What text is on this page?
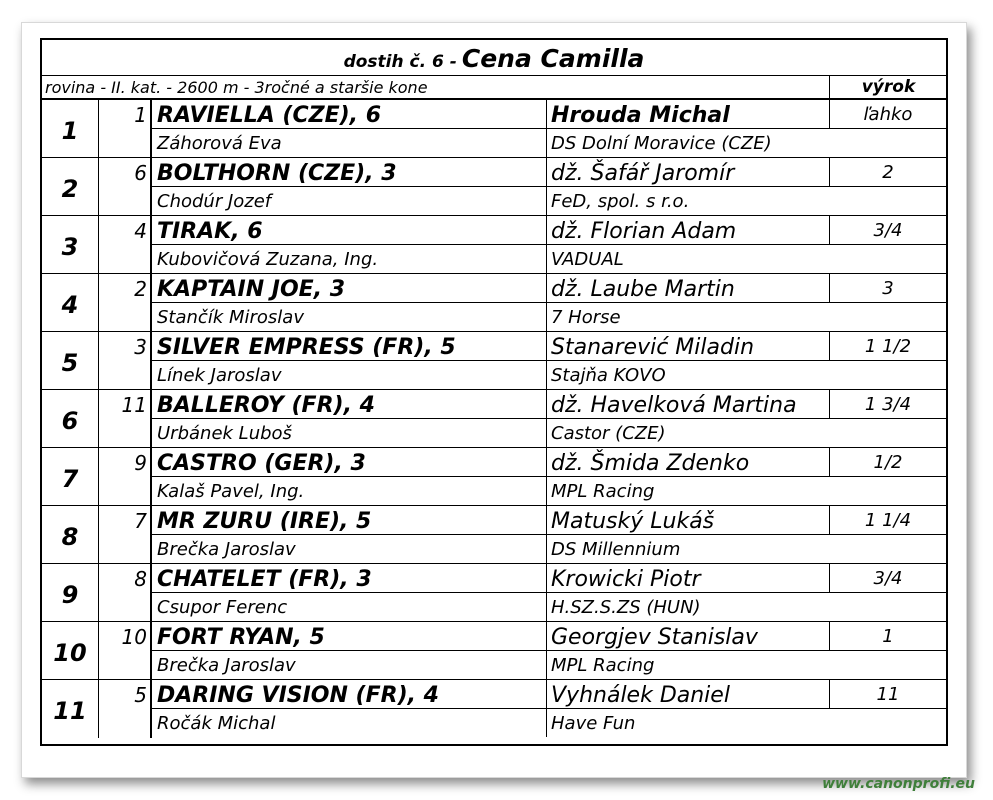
dostih č. 6 - Cena Camilla
rovina - II. kat. - 2600 m - 3ročné a staršie kone	výrok
1
1 RAVIELLA (CZE), 6	Hrouda Michal	ľahko
Záhorová Eva	DS Dolní Moravice (CZE)
2
6 BOLTHORN (CZE), 3	dž. Šafář Jaromír	2
Chodúr Jozef	FeD, spol. s r.o.
3
4 TIRAK, 6	dž. Florian Adam	3/4
Kubovičová Zuzana, Ing.	VADUAL
4
2 KAPTAIN JOE, 3	dž. Laube Martin	3
Stančík Miroslav	7 Horse
5
3 SILVER EMPRESS (FR), 5	Stanarević Miladin	1 1/2
Línek Jaroslav	Stajňa KOVO
6
11 BALLEROY (FR), 4	dž. Havelková Martina	1 3/4
Urbánek Luboš	Castor (CZE)
7
9 CASTRO (GER), 3	dž. Šmida Zdenko	1/2
Kalaš Pavel, Ing.	MPL Racing
8
7 MR ZURU (IRE), 5	Matuský Lukáš	1 1/4
Brečka Jaroslav	DS Millennium
9
8 CHATELET (FR), 3	Krowicki Piotr	3/4
Csupor Ferenc	H.SZ.S.ZS (HUN)
10
10 FORT RYAN, 5	Georgjev Stanislav	1
Brečka Jaroslav	MPL Racing
11
5 DARING VISION (FR), 4	Vyhnálek Daniel	11
Ročák Michal	Have Fun
www.canonprofi.eu
